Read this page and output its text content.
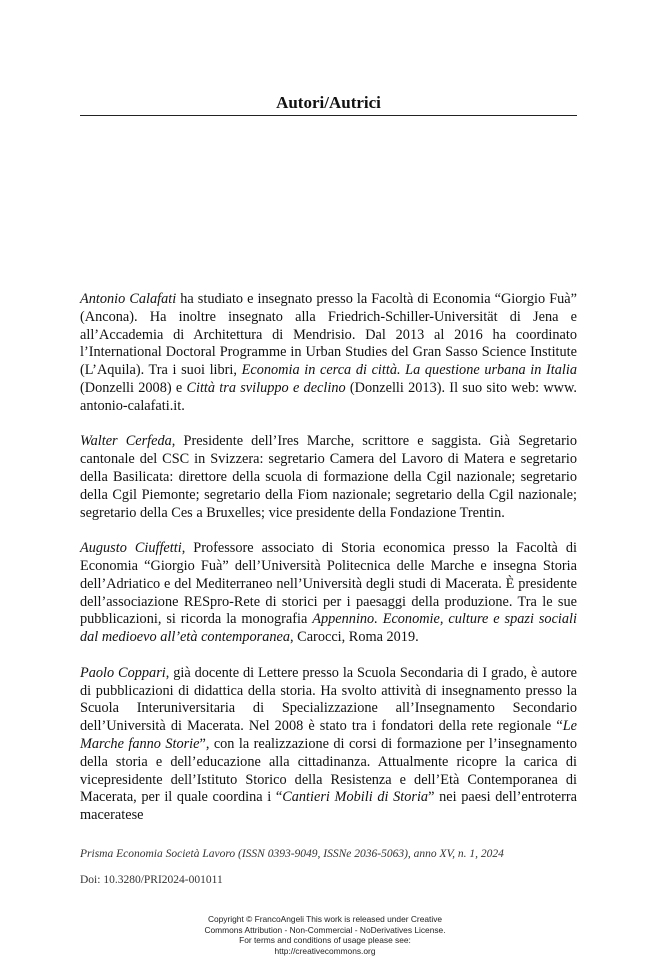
Autori/Autrici

Antonio Calafati ha studiato e insegnato presso la Facoltà di Economia “Giorgio Fuà” (Ancona). Ha inoltre insegnato alla Friedrich-Schiller-Universität di Jena e all’Accademia di Architettura di Mendrisio. Dal 2013 al 2016 ha coordinato l’International Doctoral Programme in Urban Studies del Gran Sasso Science Institute (L’Aquila). Tra i suoi libri, Economia in cerca di città. La questione urbana in Italia (Donzelli 2008) e Città tra sviluppo e declino (Donzelli 2013). Il suo sito web: www. antonio-calafati.it.

Walter Cerfeda, Presidente dell’Ires Marche, scrittore e saggista. Già Segretario cantonale del CSC in Svizzera: segretario Camera del Lavoro di Matera e segretario della Basilicata: direttore della scuola di formazione della Cgil nazionale; segretario della Cgil Piemonte; segretario della Fiom nazionale; segretario della Cgil nazionale; segretario della Ces a Bruxelles; vice presidente della Fondazione Trentin.

Augusto Ciuffetti, Professore associato di Storia economica presso la Facoltà di Economia “Giorgio Fuà” dell’Università Politecnica delle Marche e insegna Storia dell’Adriatico e del Mediterraneo nell’Università degli studi di Macerata. È presidente dell’associazione RESpro-Rete di storici per i paesaggi della produzione. Tra le sue pubblicazioni, si ricorda la monografia Appennino. Economie, culture e spazi sociali dal medioevo all’età contemporanea, Carocci, Roma 2019.

Paolo Coppari, già docente di Lettere presso la Scuola Secondaria di I grado, è autore di pubblicazioni di didattica della storia. Ha svolto attività di insegnamento presso la Scuola Interuniversitaria di Specializzazione all’Insegnamento Secondario dell’Università di Macerata. Nel 2008 è stato tra i fondatori della rete regionale “Le Marche fanno Storie”, con la realizzazione di corsi di formazione per l’insegnamento della storia e dell’educazione alla cittadinanza. Attualmente ricopre la carica di vicepresidente dell’Istituto Storico della Resistenza e dell’Età Contemporanea di Macerata, per il quale coordina i “Cantieri Mobili di Storia” nei paesi dell’entroterra maceratese

Prisma Economia Società Lavoro (ISSN 0393-9049, ISSNe 2036-5063), anno XV, n. 1, 2024
Doi: 10.3280/PRI2024-001011
Copyright © FrancoAngeli This work is released under Creative
Commons Attribution - Non-Commercial - NoDerivatives License.
For terms and conditions of usage please see:
http://creativecommons.org
